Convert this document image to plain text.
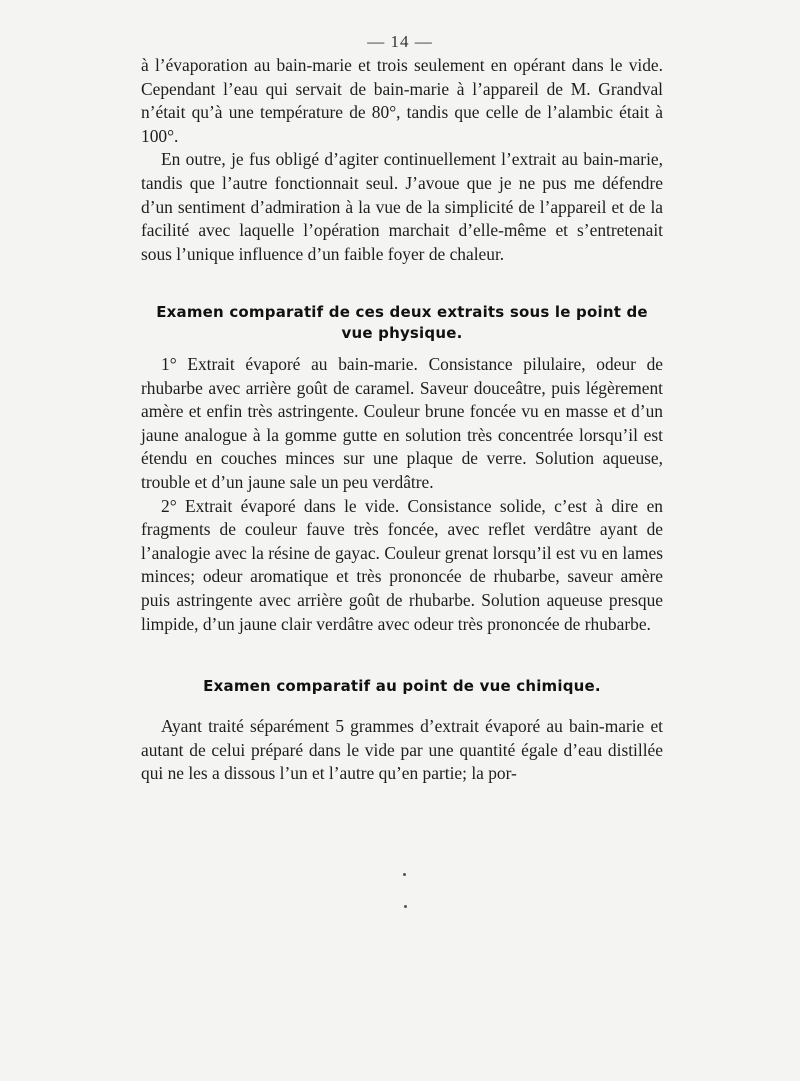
— 14 —

à l’évaporation au bain-marie et trois seulement en opérant dans le vide. Cependant l’eau qui servait de bain-marie à l’appareil de M. Grandval n’était qu’à une température de 80°, tandis que celle de l’alambic était à 100°.

En outre, je fus obligé d’agiter continuellement l’extrait au bain-marie, tandis que l’autre fonctionnait seul. J’avoue que je ne pus me défendre d’un sentiment d’admiration à la vue de la simplicité de l’appareil et de la facilité avec laquelle l’opération marchait d’elle-même et s’entretenait sous l’unique influence d’un faible foyer de chaleur.

Examen comparatif de ces deux extraits sous le point de vue physique.

1° Extrait évaporé au bain-marie. Consistance pilulaire, odeur de rhubarbe avec arrière goût de caramel. Saveur douceâtre, puis légèrement amère et enfin très astringente. Couleur brune foncée vu en masse et d’un jaune analogue à la gomme gutte en solution très concentrée lorsqu’il est étendu en couches minces sur une plaque de verre. Solution aqueuse, trouble et d’un jaune sale un peu verdâtre.

2° Extrait évaporé dans le vide. Consistance solide, c’est à dire en fragments de couleur fauve très foncée, avec reflet verdâtre ayant de l’analogie avec la résine de gayac. Couleur grenat lorsqu’il est vu en lames minces; odeur aromatique et très prononcée de rhubarbe, saveur amère puis astringente avec arrière goût de rhubarbe. Solution aqueuse presque limpide, d’un jaune clair verdâtre avec odeur très prononcée de rhubarbe.

Examen comparatif au point de vue chimique.

Ayant traité séparément 5 grammes d’extrait évaporé au bain-marie et autant de celui préparé dans le vide par une quantité égale d’eau distillée qui ne les a dissous l’un et l’autre qu’en partie; la por-
